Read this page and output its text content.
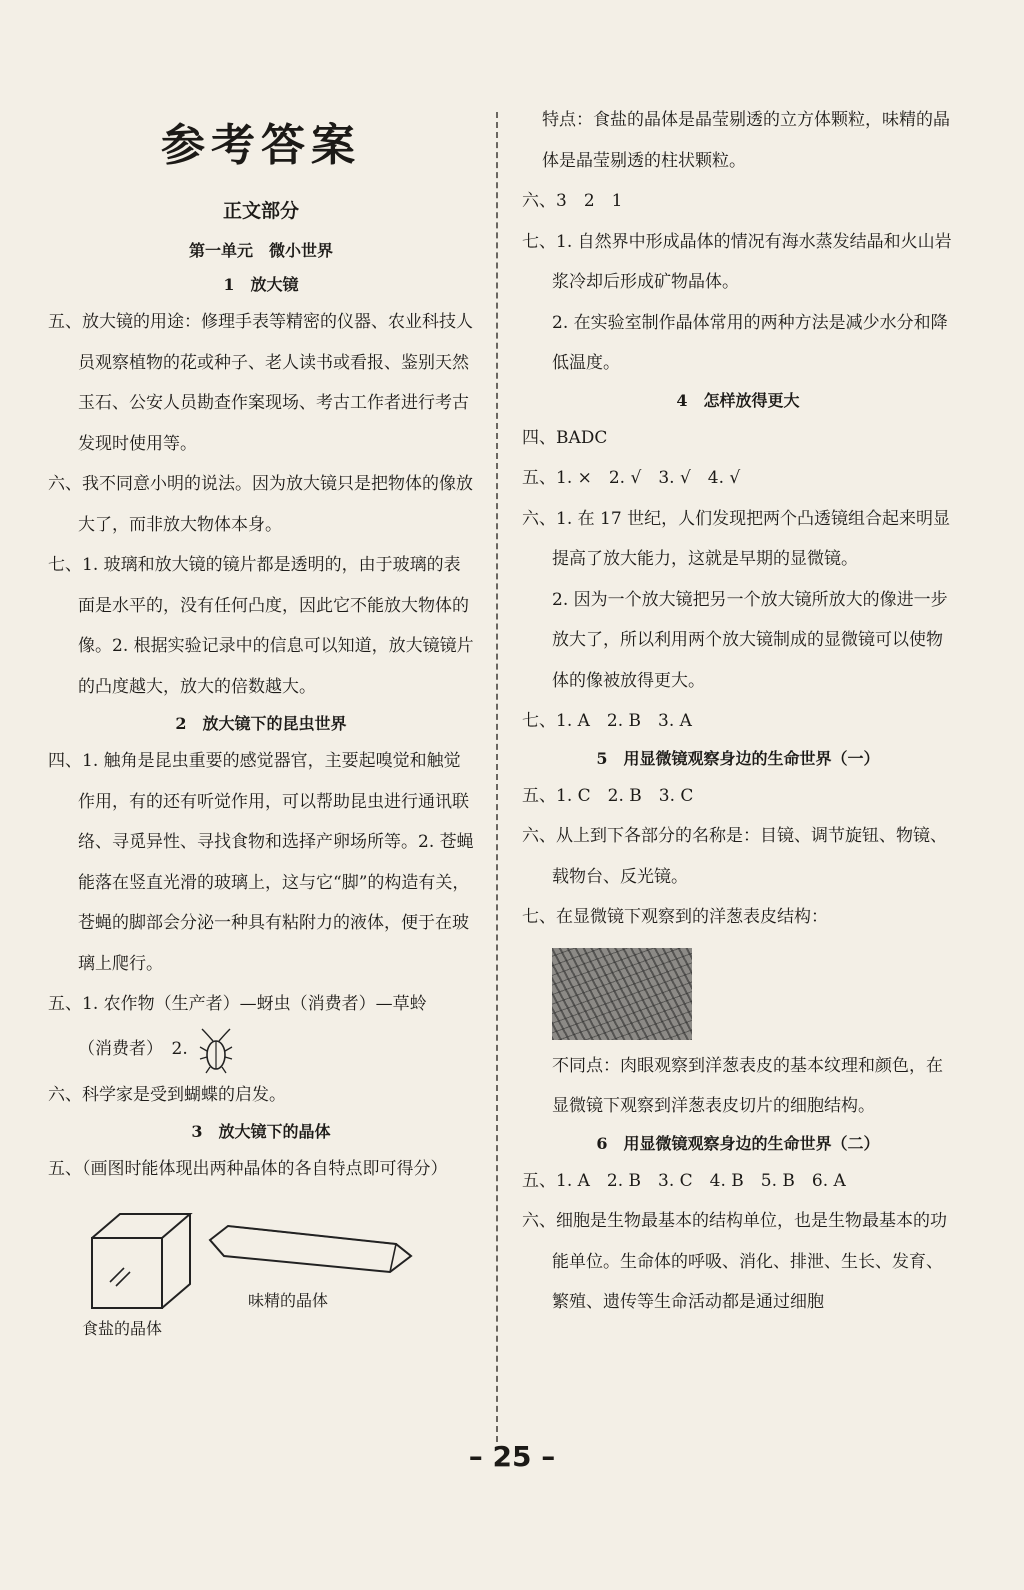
参考答案
正文部分
第一单元　微小世界
1　放大镜

五、放大镜的用途：修理手表等精密的仪器、农业科技人员观察植物的花或种子、老人读书或看报、鉴别天然玉石、公安人员勘查作案现场、考古工作者进行考古发现时使用等。

六、我不同意小明的说法。因为放大镜只是把物体的像放大了，而非放大物体本身。

七、1. 玻璃和放大镜的镜片都是透明的，由于玻璃的表面是水平的，没有任何凸度，因此它不能放大物体的像。2. 根据实验记录中的信息可以知道，放大镜镜片的凸度越大，放大的倍数越大。

2　放大镜下的昆虫世界

四、1. 触角是昆虫重要的感觉器官，主要起嗅觉和触觉作用，有的还有听觉作用，可以帮助昆虫进行通讯联络、寻觅异性、寻找食物和选择产卵场所等。2. 苍蝇能落在竖直光滑的玻璃上，这与它“脚”的构造有关，苍蝇的脚部会分泌一种具有粘附力的液体，便于在玻璃上爬行。

五、1. 农作物（生产者）—蚜虫（消费者）—草蛉

（消费者）　2.

六、科学家是受到蝴蝶的启发。

3　放大镜下的晶体

五、（画图时能体现出两种晶体的各自特点即可得分）

味精的晶体
食盐的晶体

特点：食盐的晶体是晶莹剔透的立方体颗粒，味精的晶体是晶莹剔透的柱状颗粒。

六、3　2　1

七、1. 自然界中形成晶体的情况有海水蒸发结晶和火山岩浆冷却后形成矿物晶体。

2. 在实验室制作晶体常用的两种方法是减少水分和降低温度。

4　怎样放得更大

四、BADC

五、1. ×　2. √　3. √　4. √

六、1. 在 17 世纪，人们发现把两个凸透镜组合起来明显提高了放大能力，这就是早期的显微镜。

2. 因为一个放大镜把另一个放大镜所放大的像进一步放大了，所以利用两个放大镜制成的显微镜可以使物体的像被放得更大。

七、1. A　2. B　3. A

5　用显微镜观察身边的生命世界（一）

五、1. C　2. B　3. C

六、从上到下各部分的名称是：目镜、调节旋钮、物镜、载物台、反光镜。

七、在显微镜下观察到的洋葱表皮结构：

不同点：肉眼观察到洋葱表皮的基本纹理和颜色，在显微镜下观察到洋葱表皮切片的细胞结构。

6　用显微镜观察身边的生命世界（二）

五、1. A　2. B　3. C　4. B　5. B　6. A

六、细胞是生物最基本的结构单位，也是生物最基本的功能单位。生命体的呼吸、消化、排泄、生长、发育、繁殖、遗传等生命活动都是通过细胞

– 25 –
